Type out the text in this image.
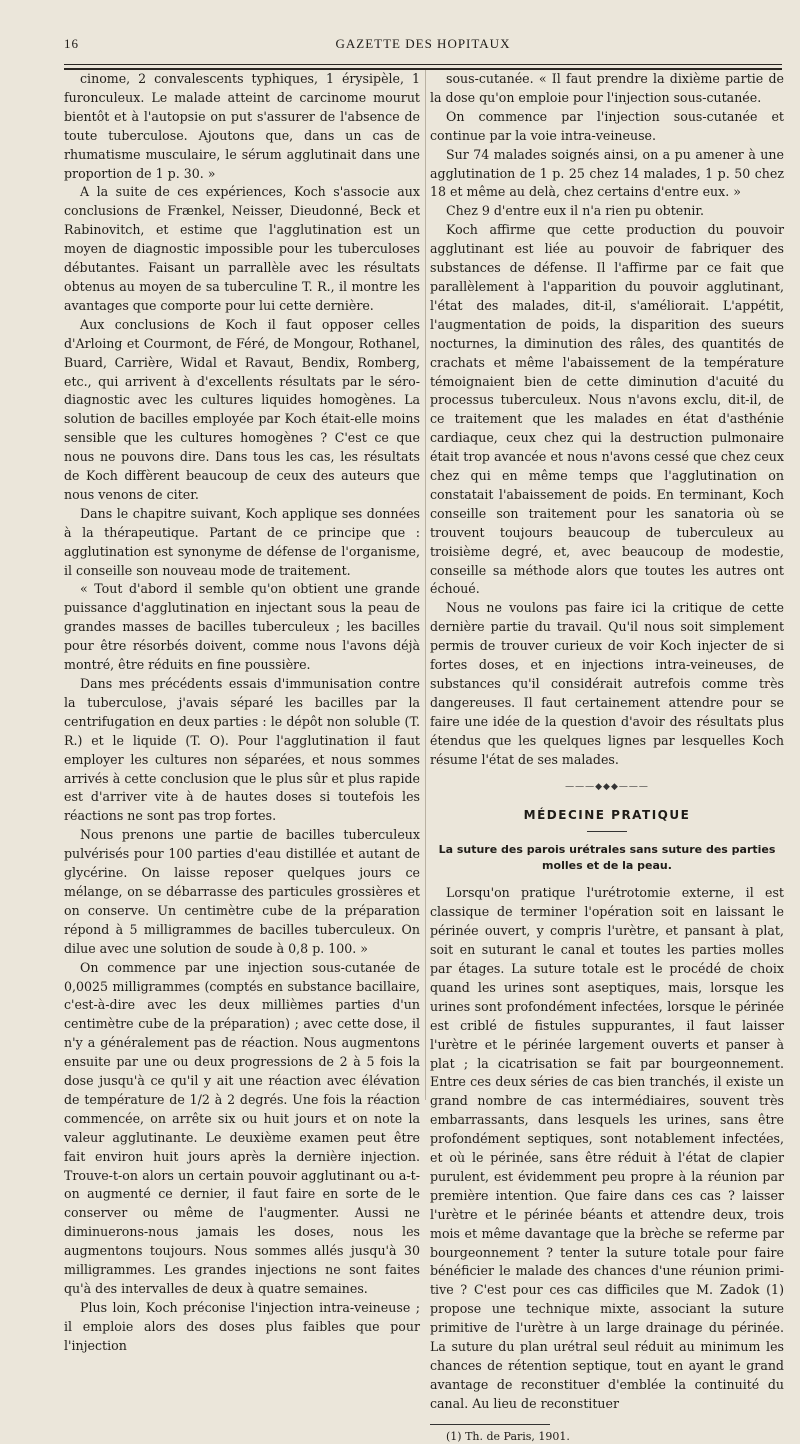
16	GAZETTE DES HOPITAUX

cinome, 2 convalescents typhiques, 1 érysipèle, 1 furonculeux. Le malade atteint de carcinome mourut bientôt et à l'autopsie on put s'assurer de l'absence de toute tuberculose. Ajoutons que, dans un cas de rhumatisme musculaire, le sérum agglutinait dans une proportion de 1 p. 30. »

A la suite de ces expériences, Koch s'associe aux conclusions de Frænkel, Neisser, Dieudonné, Beck et Rabinovitch, et estime que l'agglutination est un moyen de diagnostic impossible pour les tuberculoses débutantes. Faisant un parrallèle avec les résultats obtenus au moyen de sa tuberculine T. R., il montre les avantages que comporte pour lui cette dernière.

Aux conclusions de Koch il faut opposer celles d'Arloing et Courmont, de Féré, de Mongour, Rothanel, Buard, Carrière, Widal et Ravaut, Bendix, Romberg, etc., qui arrivent à d'excellents résultats par le séro-diagnostic avec les cultures liquides homogènes. La solution de bacilles employée par Koch était-elle moins sensible que les cultures homogènes ? C'est ce que nous ne pouvons dire. Dans tous les cas, les résultats de Koch diffèrent beaucoup de ceux des auteurs que nous venons de citer.

Dans le chapitre suivant, Koch applique ses données à la thérapeutique. Partant de ce principe que : agglutination est synonyme de défense de l'organisme, il conseille son nouveau mode de traitement.

« Tout d'abord il semble qu'on obtient une grande puissance d'agglutination en injectant sous la peau de grandes masses de bacilles tuberculeux ; les bacilles pour être résorbés doivent, comme nous l'avons déjà montré, être réduits en fine poussière.

Dans mes précédents essais d'immunisation contre la tuberculose, j'avais séparé les bacilles par la centrifugation en deux parties : le dépôt non soluble (T. R.) et le liquide (T. O). Pour l'agglutination il faut employer les cultures non séparées, et nous sommes arrivés à cette conclusion que le plus sûr et plus rapide est d'arriver vite à de hautes doses si toutefois les réactions ne sont pas trop fortes.

Nous prenons une partie de bacilles tuberculeux pulvérisés pour 100 parties d'eau distillée et autant de glycérine. On laisse reposer quelques jours ce mélange, on se débarrasse des particules grossières et on conserve. Un centimètre cube de la préparation répond à 5 milligrammes de bacilles tuberculeux. On dilue avec une solution de soude à 0,8 p. 100. »

On commence par une injection sous-cutanée de 0,0025 milligrammes (comptés en substance bacillaire, c'est-à-dire avec les deux millièmes parties d'un centimètre cube de la préparation) ; avec cette dose, il n'y a généralement pas de réaction. Nous augmentons ensuite par une ou deux progressions de 2 à 5 fois la dose jusqu'à ce qu'il y ait une réaction avec élévation de température de 1/2 à 2 degrés. Une fois la réaction commencée, on arrête six ou huit jours et on note la valeur agglutinante. Le deuxième examen peut être fait environ huit jours après la dernière injection. Trouve-t-on alors un certain pouvoir agglutinant ou a-t-on augmenté ce dernier, il faut faire en sorte de le conserver ou même de l'augmenter. Aussi ne diminuerons-nous jamais les doses, nous les augmentons toujours. Nous sommes allés jusqu'à 30 milligrammes. Les grandes injections ne sont faites qu'à des intervalles de deux à quatre semaines.

Plus loin, Koch préconise l'injection intra-veineuse ; il emploie alors des doses plus faibles que pour l'injection

sous-cutanée. « Il faut prendre la dixième partie de la dose qu'on emploie pour l'injection sous-cutanée.

On commence par l'injection sous-cutanée et continue par la voie intra-veineuse.

Sur 74 malades soignés ainsi, on a pu amener à une agglutination de 1 p. 25 chez 14 malades, 1 p. 50 chez 18 et même au delà, chez certains d'entre eux. »

Chez 9 d'entre eux il n'a rien pu obtenir.

Koch affirme que cette production du pouvoir agglutinant est liée au pouvoir de fabriquer des substances de défense. Il l'affirme par ce fait que parallèlement à l'apparition du pouvoir agglutinant, l'état des malades, dit-il, s'améliorait. L'appétit, l'augmentation de poids, la disparition des sueurs nocturnes, la diminution des râles, des quantités de crachats et même l'abaissement de la température témoignaient bien de cette diminution d'acuité du processus tuberculeux. Nous n'avons exclu, dit-il, de ce traitement que les malades en état d'asthénie cardiaque, ceux chez qui la destruction pulmonaire était trop avancée et nous n'avons cessé que chez ceux chez qui en même temps que l'agglutination on constatait l'abaissement de poids. En terminant, Koch conseille son traitement pour les sanatoria où se trouvent toujours beaucoup de tuberculeux au troisième degré, et, avec beaucoup de modestie, conseille sa méthode alors que toutes les autres ont échoué.

Nous ne voulons pas faire ici la critique de cette dernière partie du travail. Qu'il nous soit simplement permis de trouver curieux de voir Koch injecter de si fortes doses, et en injections intra-veineuses, de substances qu'il considérait autrefois comme très dangereuses. Il faut certainement attendre pour se faire une idée de la question d'avoir des résultats plus étendus que les quelques lignes par lesquelles Koch résume l'état de ses malades.

———◆◆◆———
MÉDECINE PRATIQUE
La suture des parois urétrales sans suture des parties molles et de la peau.

Lorsqu'on pratique l'urétrotomie externe, il est classique de terminer l'opération soit en laissant le périnée ouvert, y compris l'urètre, et pansant à plat, soit en suturant le canal et toutes les parties molles par étages. La suture totale est le procédé de choix quand les urines sont aseptiques, mais, lorsque les urines sont profondément infectées, lorsque le périnée est criblé de fistules suppurantes, il faut laisser l'urètre et le périnée largement ouverts et panser à plat ; la cicatrisation se fait par bourgeonnement. Entre ces deux séries de cas bien tranchés, il existe un grand nombre de cas intermédiaires, souvent très embarrassants, dans lesquels les urines, sans être profondément septiques, sont notablement infectées, et où le périnée, sans être réduit à l'état de clapier purulent, est évidemment peu propre à la réunion par première intention. Que faire dans ces cas ? laisser l'urètre et le périnée béants et attendre deux, trois mois et même davantage que la brèche se referme par bourgeonnement ? tenter la suture totale pour faire bénéficier le malade des chances d'une réunion primitive ? C'est pour ces cas difficiles que M. Zadok (1) propose une technique mixte, associant la suture primitive de l'urètre à un large drainage du périnée. La suture du plan urétral seul réduit au minimum les chances de rétention septique, tout en ayant le grand avantage de reconstituer d'emblée la continuité du canal. Au lieu de reconstituer

(1) Th. de Paris, 1901.
